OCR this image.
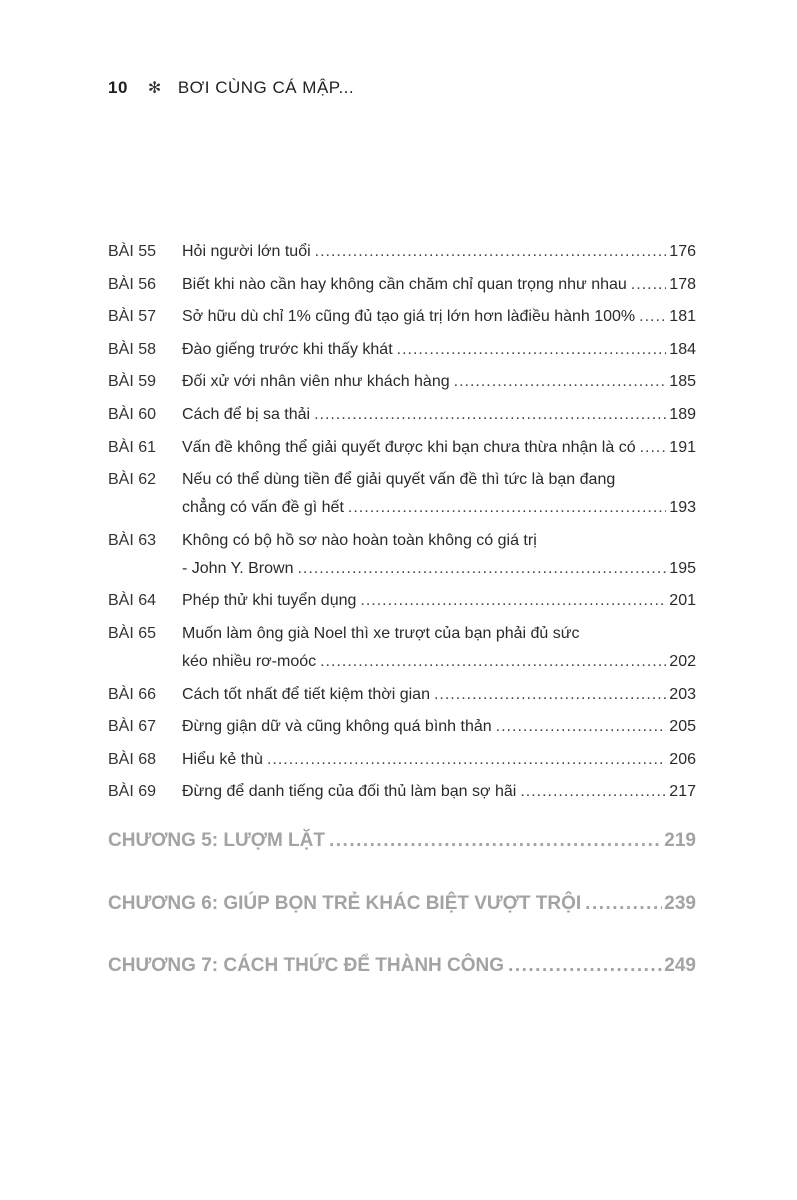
10 ✻ BƠI CÙNG CÁ MẬP...
BÀI 55	Hỏi người lớn tuổi .....	176
BÀI 56	Biết khi nào cần hay không cần chăm chỉ quan trọng như nhau .....	178
BÀI 57	Sở hữu dù chỉ 1% cũng đủ tạo giá trị lớn hơn làđiều hành 100% ..... 181
BÀI 58	Đào giếng trước khi thấy khát .....	184
BÀI 59	Đối xử với nhân viên như khách hàng .....	185
BÀI 60	Cách để bị sa thải .....	189
BÀI 61	Vấn đề không thể giải quyết được khi bạn chưa thừa nhận là có ..... 191
BÀI 62	Nếu có thể dùng tiền để giải quyết vấn đề thì tức là bạn đang
chẳng có vấn đề gì hết .....	193
BÀI 63	Không có bộ hồ sơ nào hoàn toàn không có giá trị
- John Y. Brown .....	195
BÀI 64	Phép thử khi tuyển dụng .....	201
BÀI 65	Muốn làm ông già Noel thì xe trượt của bạn phải đủ sức
kéo nhiều rơ-moóc .....	202
BÀI 66	Cách tốt nhất để tiết kiệm thời gian .....	203
BÀI 67	Đừng giận dữ và cũng không quá bình thản .....	205
BÀI 68	Hiểu kẻ thù .....	206
BÀI 69	Đừng để danh tiếng của đối thủ làm bạn sợ hãi .....	217
CHƯƠNG 5: LƯỢM LẶT .....	219
CHƯƠNG 6: GIÚP BỌN TRẺ KHÁC BIỆT VƯỢT TRỘI .....	239
CHƯƠNG 7: CÁCH THỨC ĐỂ THÀNH CÔNG .....	249
